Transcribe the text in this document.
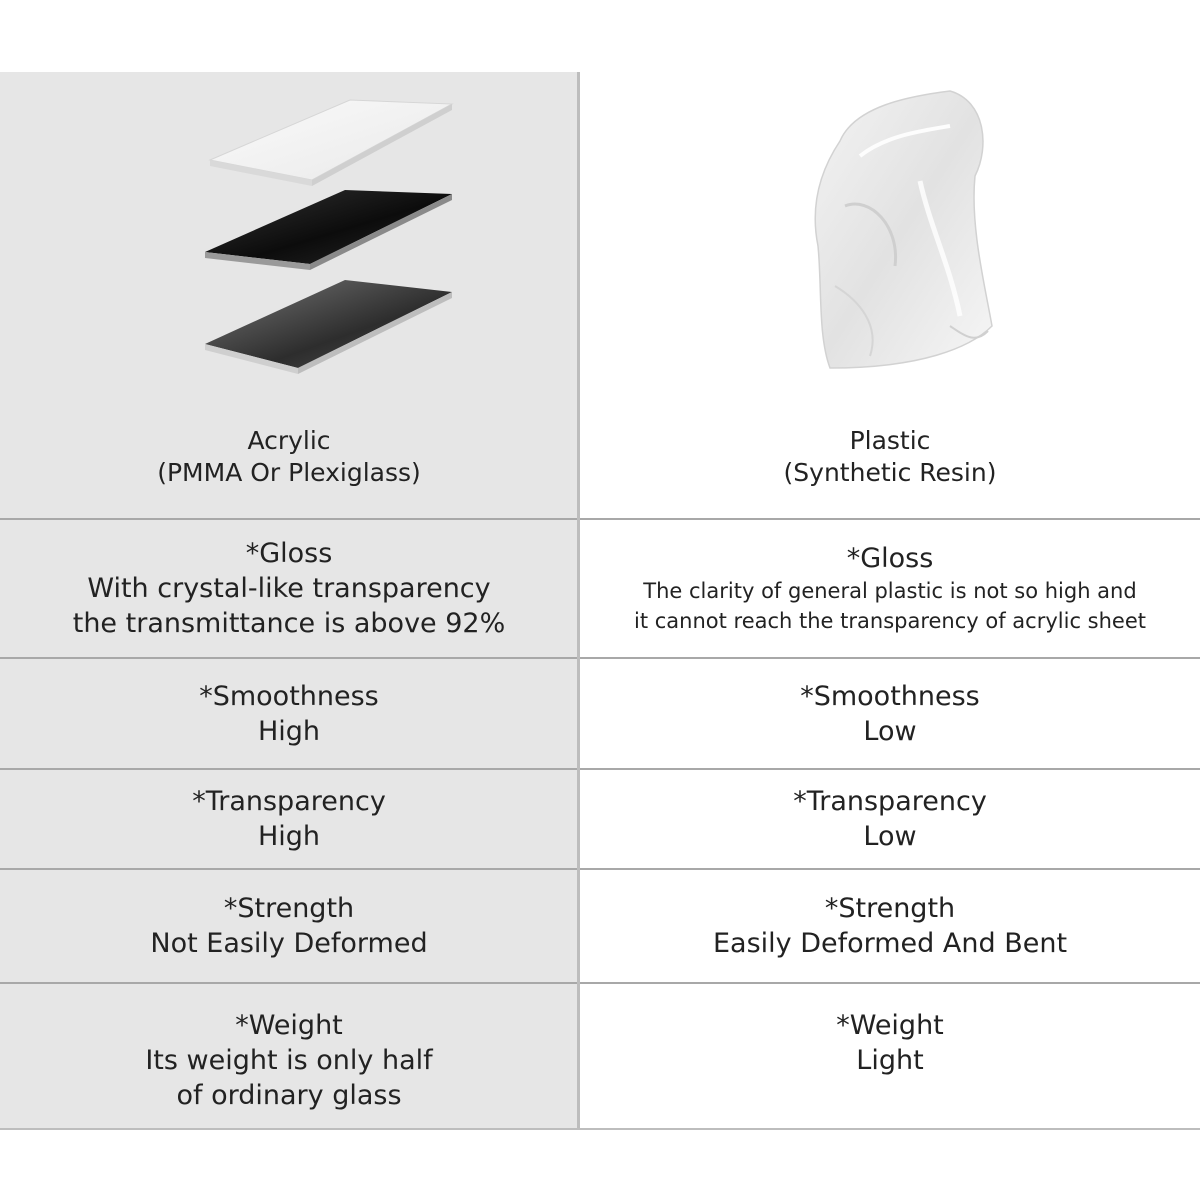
Acrylic
(PMMA Or Plexiglass)
Plastic
(Synthetic Resin)
*Gloss
With crystal-like transparency
the transmittance is above 92%
*Gloss
The clarity of general plastic is not so high and
it cannot reach the transparency of acrylic sheet
*Smoothness
High
*Smoothness
Low
*Transparency
High
*Transparency
Low
*Strength
Not Easily Deformed
*Strength
Easily Deformed And Bent
*Weight
Its weight is only half
of ordinary glass
*Weight
Light
